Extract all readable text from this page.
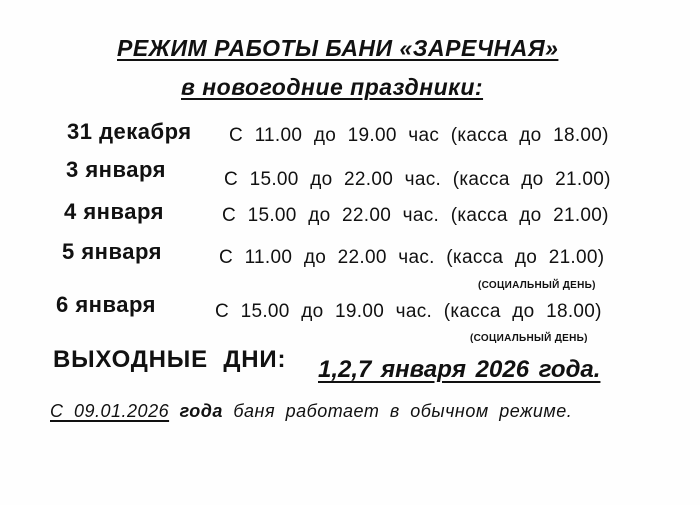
РЕЖИМ РАБОТЫ БАНИ «ЗАРЕЧНАЯ»
в новогодние праздники:
31 декабря С 11.00 до 19.00 час (касса до 18.00)
3 января	С 15.00 до 22.00 час. (касса до 21.00)
4 января	С 15.00 до 22.00 час. (касса до 21.00)
5 января	С 11.00 до 22.00 час. (касса до 21.00)
(СОЦИАЛЬНЫЙ ДЕНЬ)
6 января	С 15.00 до 19.00 час. (касса до 18.00)
(СОЦИАЛЬНЫЙ ДЕНЬ)
ВЫХОДНЫЕ ДНИ: 1,2,7 января 2026 года.
С 09.01.2026 года баня работает в обычном режиме.
